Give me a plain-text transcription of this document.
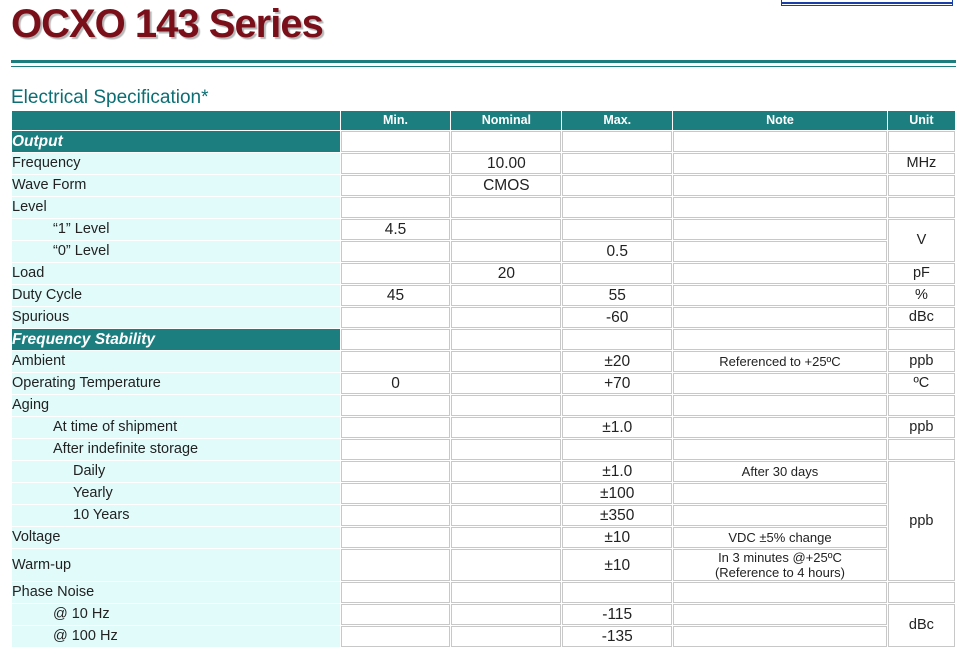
OCXO 143 Series
Electrical Specification*
	Min.	Nominal	Max.	Note	Unit
Output					
Frequency		10.00			MHz
Wave Form		CMOS			
Level					
“1” Level	4.5				V
“0” Level			0.5		
Load		20			pF
Duty Cycle	45		55		%
Spurious			-60		dBc
Frequency Stability					
Ambient			±20	Referenced to +25ºC	ppb
Operating Temperature	0		+70		ºC
Aging					
At time of shipment			±1.0		ppb
After indefinite storage					
Daily			±1.0	After 30 days	ppb
Yearly			±100		
10 Years			±350		
Voltage			±10	VDC ±5% change	
Warm-up			±10	In 3 minutes @+25ºC
(Reference to 4 hours)	

Phase Noise					
@ 10 Hz			-115		dBc
@ 100 Hz			-135		
